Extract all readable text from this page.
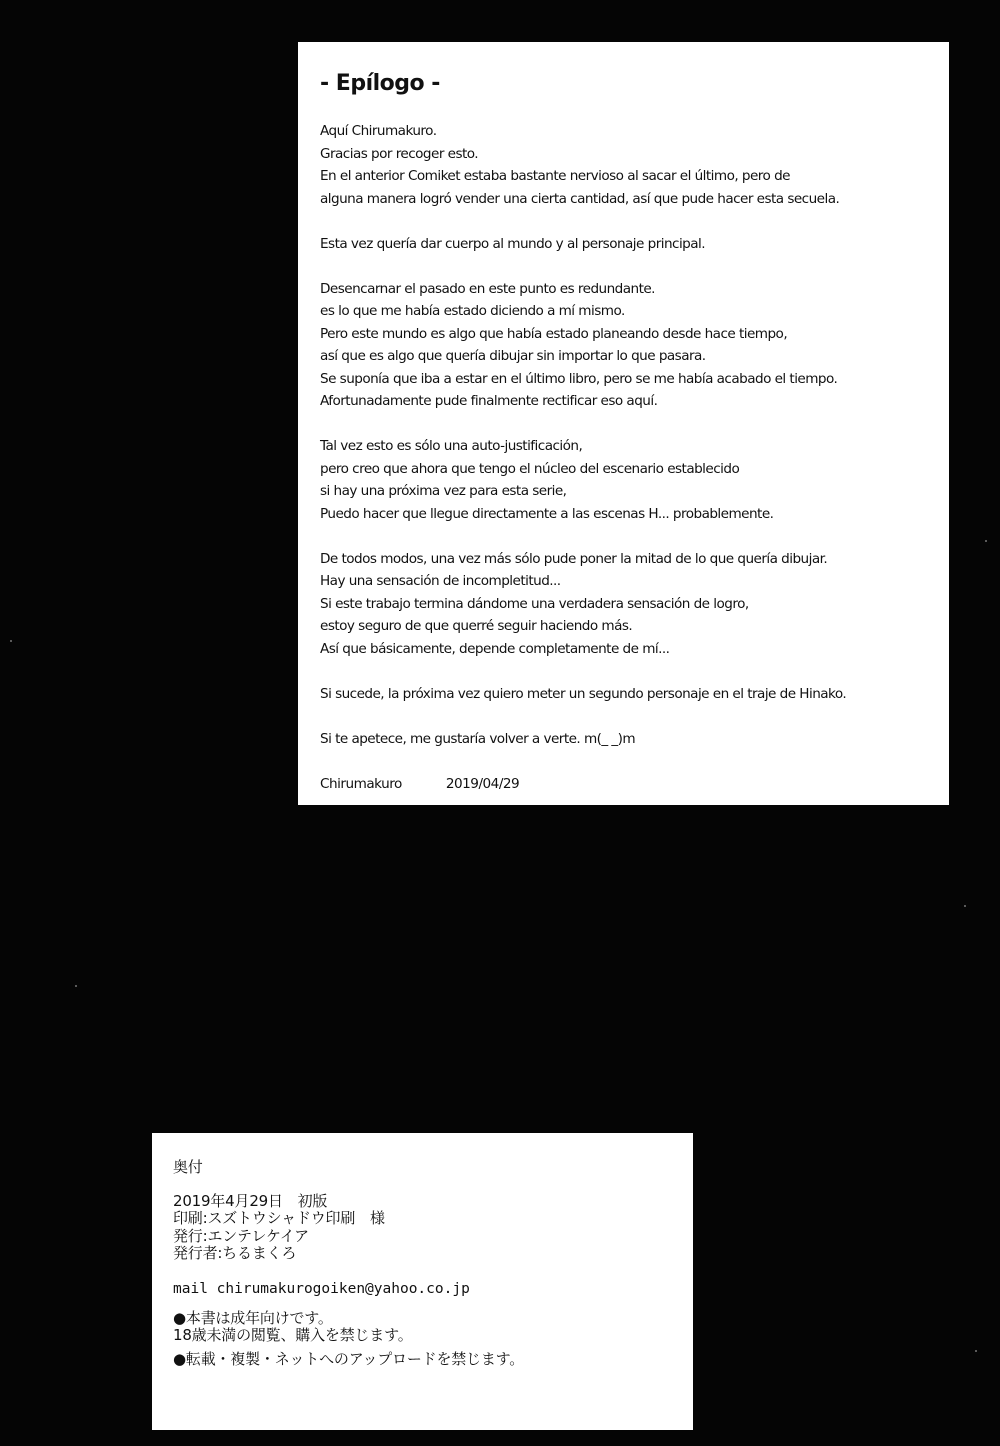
- Epílogo -
Aquí Chirumakuro.
Gracias por recoger esto.
En el anterior Comiket estaba bastante nervioso al sacar el último, pero de
alguna manera logró vender una cierta cantidad, así que pude hacer esta secuela.
Esta vez quería dar cuerpo al mundo y al personaje principal.
Desencarnar el pasado en este punto es redundante.
es lo que me había estado diciendo a mí mismo.
Pero este mundo es algo que había estado planeando desde hace tiempo,
así que es algo que quería dibujar sin importar lo que pasara.
Se suponía que iba a estar en el último libro, pero se me había acabado el tiempo.
Afortunadamente pude finalmente rectificar eso aquí.
Tal vez esto es sólo una auto-justificación,
pero creo que ahora que tengo el núcleo del escenario establecido
si hay una próxima vez para esta serie,
Puedo hacer que llegue directamente a las escenas H... probablemente.
De todos modos, una vez más sólo pude poner la mitad de lo que quería dibujar.
Hay una sensación de incompletitud...
Si este trabajo termina dándome una verdadera sensación de logro,
estoy seguro de que querré seguir haciendo más.
Así que básicamente, depende completamente de mí...
Si sucede, la próxima vez quiero meter un segundo personaje en el traje de Hinako.
Si te apetece, me gustaría volver a verte. m(_ _)m
Chirumakuro	2019/04/29
奥付
2019年4月29日　初版
印刷:スズトウシャドウ印刷　様
発行:エンテレケイア
発行者:ちるまくろ
mail chirumakurogoiken@yahoo.co.jp
●本書は成年向けです。
18歳未満の閲覧、購入を禁じます。
●転載・複製・ネットへのアップロードを禁じます。
